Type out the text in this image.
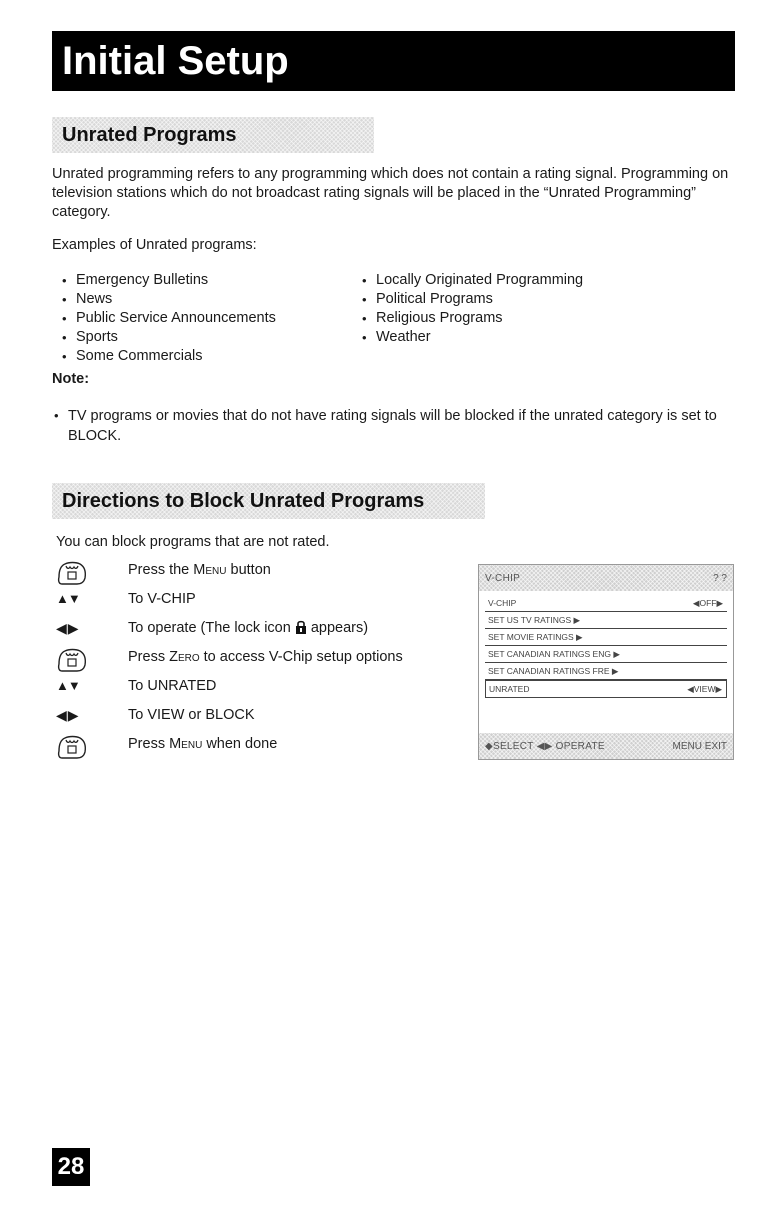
Initial Setup
Unrated Programs

Unrated programming refers to any programming which does not contain a rating signal. Programming on television stations which do not broadcast rating signals will be placed in the “Unrated Programming” category.

Examples of Unrated programs:

• Emergency Bulletins
• News
• Public Service Announcements
• Sports
• Some Commercials
• Locally Originated Programming
• Political Programs
• Religious Programs
• Weather
Note:
• TV programs or movies that do not have rating signals will be blocked if the unrated category is set to BLOCK.
Directions to Block Unrated Programs

You can block programs that are not rated.

Press the Menu button
▲▼	To V-CHIP
◀▶	To operate (The lock icon appears)
Press Zero to access V-Chip setup options
▲▼	To UNRATED
◀▶	To VIEW or BLOCK
Press Menu when done
V-CHIP	? ?
V-CHIP	◀OFF▶
SET US TV RATINGS ▶
SET MOVIE RATINGS ▶
SET CANADIAN RATINGS ENG ▶
SET CANADIAN RATINGS FRE ▶
UNRATED	◀VIEW▶
◆SELECT ◀▶ OPERATE	MENU EXIT
28
